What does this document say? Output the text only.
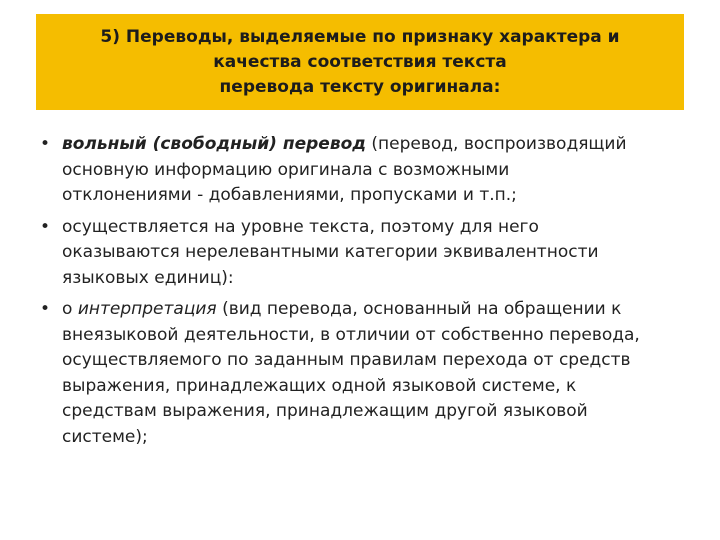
5) Переводы, выделяемые по признаку характера и
качества соответствия текста
перевода тексту оригинала:
• вольный (свободный) перевод (перевод, воспроизводящий
основную информацию оригинала с возможными
отклонениями - добавлениями, пропусками и т.п.;
• осуществляется на уровне текста, поэтому для него
оказываются нерелевантными категории эквивалентности
языковых единиц):
• о интерпретация (вид перевода, основанный на обращении к
внеязыковой деятельности, в отличии от собственно перевода,
осуществляемого по заданным правилам перехода от средств
выражения, принадлежащих одной языковой системе, к
средствам выражения, принадлежащим другой языковой
системе);
